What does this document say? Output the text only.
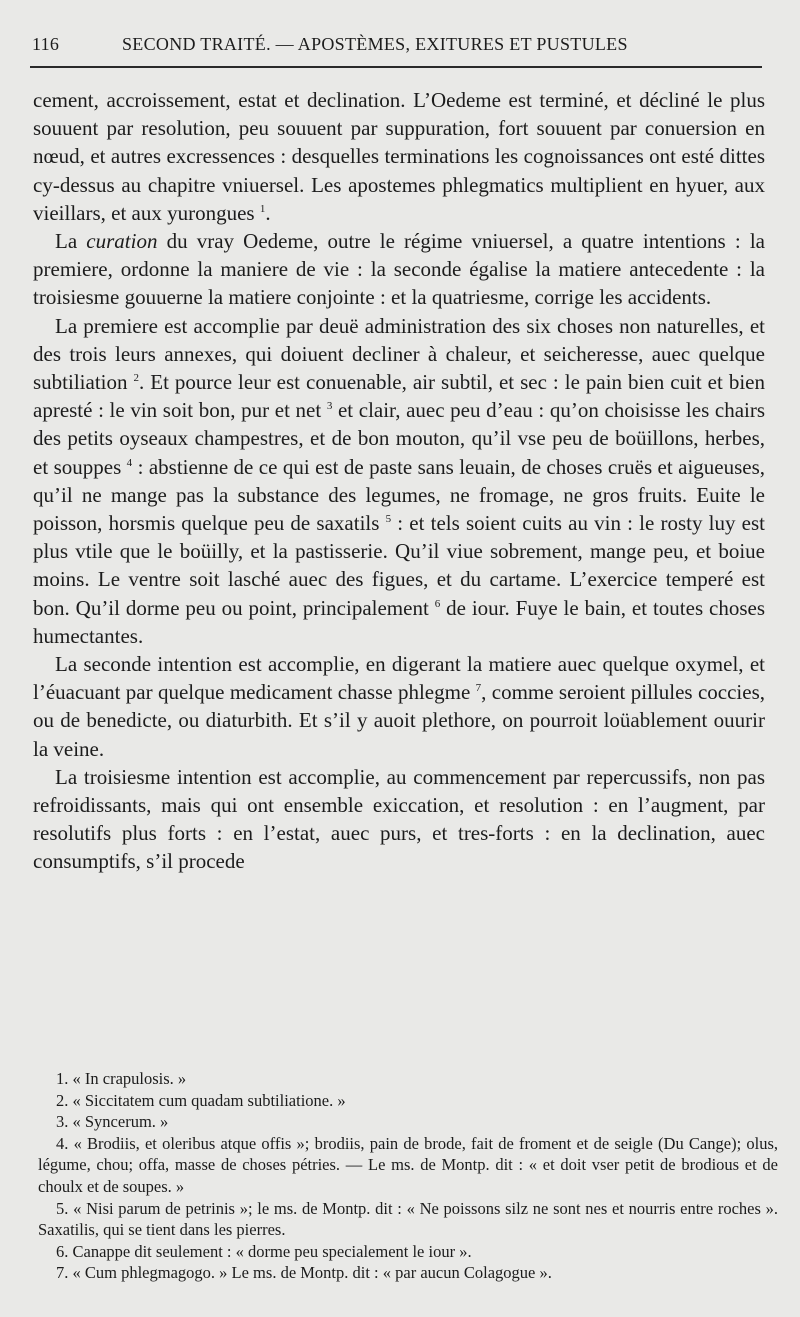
116	SECOND TRAITÉ. — APOSTÈMES, EXITURES ET PUSTULES

cement, accroissement, estat et declination. L’Oedeme est terminé, et décliné le plus souuent par resolution, peu souuent par suppuration, fort souuent par conuersion en nœud, et autres excressences : desquelles terminations les cognoissances ont esté dittes cy-dessus au chapitre vniuersel. Les apostemes phlegmatics multiplient en hyuer, aux vieillars, et aux yurongues $^1$.

La curation du vray Oedeme, outre le régime vniuersel, a quatre intentions : la premiere, ordonne la maniere de vie : la seconde égalise la matiere antecedente : la troisiesme gouuerne la matiere conjointe : et la quatriesme, corrige les accidents.

La premiere est accomplie par deuë administration des six choses non naturelles, et des trois leurs annexes, qui doiuent decliner à chaleur, et seicheresse, auec quelque subtiliation $^2$. Et pource leur est conuenable, air subtil, et sec : le pain bien cuit et bien apresté : le vin soit bon, pur et net $^3$ et clair, auec peu d’eau : qu’on choisisse les chairs des petits oyseaux champestres, et de bon mouton, qu’il vse peu de boüillons, herbes, et souppes $^4$ : abstienne de ce qui est de paste sans leuain, de choses cruës et aigueuses, qu’il ne mange pas la substance des legumes, ne fromage, ne gros fruits. Euite le poisson, horsmis quelque peu de saxatils $^5$ : et tels soient cuits au vin : le rosty luy est plus vtile que le boüilly, et la pastisserie. Qu’il viue sobrement, mange peu, et boiue moins. Le ventre soit lasché auec des figues, et du cartame. L’exercice temperé est bon. Qu’il dorme peu ou point, principalement $^6$ de iour. Fuye le bain, et toutes choses humectantes.

La seconde intention est accomplie, en digerant la matiere auec quelque oxymel, et l’éuacuant par quelque medicament chasse phlegme $^7$, comme seroient pillules coccies, ou de benedicte, ou diaturbith. Et s’il y auoit plethore, on pourroit loüablement ouurir la veine.

La troisiesme intention est accomplie, au commencement par repercussifs, non pas refroidissants, mais qui ont ensemble exiccation, et resolution : en l’augment, par resolutifs plus forts : en l’estat, auec purs, et tres-forts : en la declination, auec consumptifs, s’il procede

1. « In crapulosis. »

2. « Siccitatem cum quadam subtiliatione. »

3. « Syncerum. »

4. « Brodiis, et oleribus atque offis »; brodiis, pain de brode, fait de froment et de seigle (Du Cange); olus, légume, chou; offa, masse de choses pétries. — Le ms. de Montp. dit : « et doit vser petit de brodious et de choulx et de soupes. »

5. « Nisi parum de petrinis »; le ms. de Montp. dit : « Ne poissons silz ne sont nes et nourris entre roches ». Saxatilis, qui se tient dans les pierres.

6. Canappe dit seulement : « dorme peu specialement le iour ».

7. « Cum phlegmagogo. » Le ms. de Montp. dit : « par aucun Colagogue ».
